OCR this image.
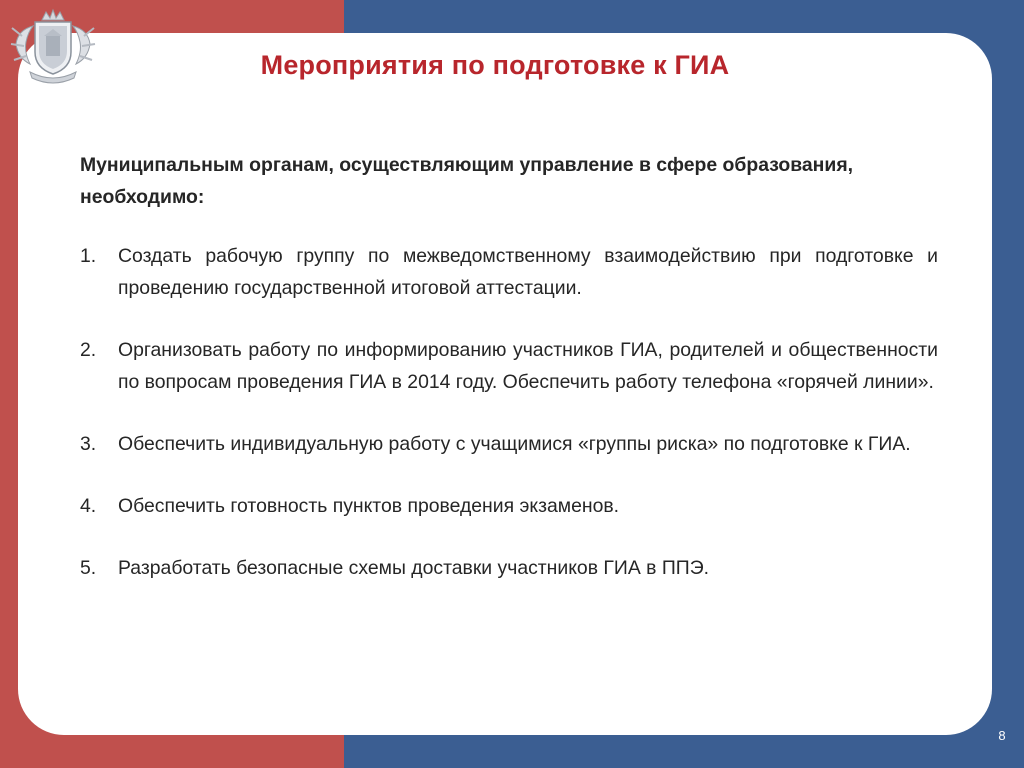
Мероприятия по подготовке к ГИА

Муниципальным органам, осуществляющим управление в сфере образования, необходимо:

1. Создать рабочую группу по межведомственному взаимодействию при подготовке и проведению государственной итоговой аттестации.
2. Организовать работу по информированию участников ГИА, родителей и общественности по вопросам проведения ГИА в 2014 году. Обеспечить работу телефона «горячей линии».
3. Обеспечить индивидуальную работу с учащимися «группы риска» по подготовке к ГИА.
4. Обеспечить готовность пунктов проведения экзаменов.
5. Разработать безопасные схемы доставки участников ГИА в ППЭ.
8
